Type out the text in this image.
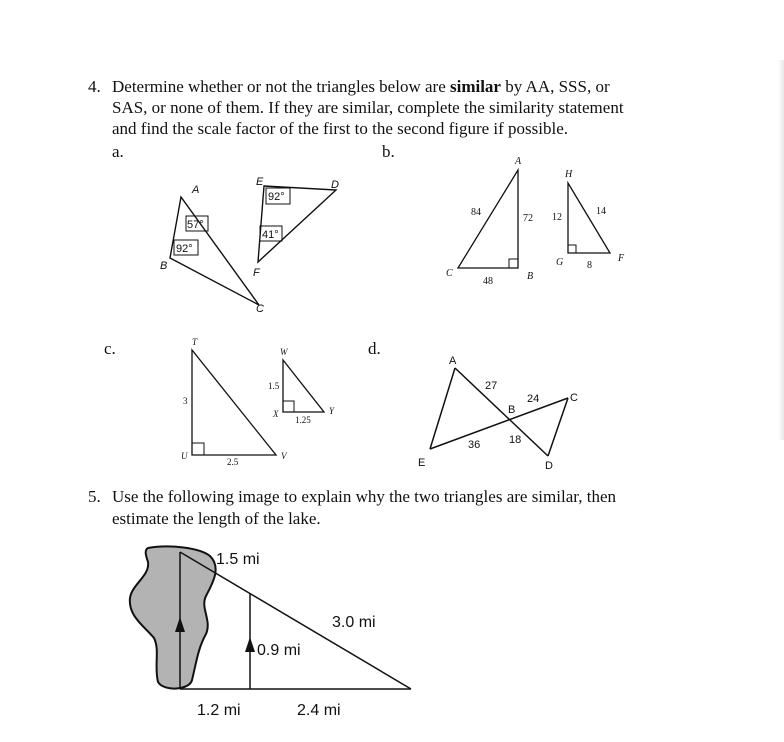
4. Determine whether or not the triangles below are similar by AA, SSS, or
SAS, or none of them. If they are similar, complete the similarity statement
and find the scale factor of the first to the second figure if possible.
a.	b.
c.	d.
A
B
E	D
F
C
57°
92°
92°
41°
A
C	B
H
G	F
84
72
48
12
14
8
T
U	V
W
X	Y
3
2.5
1.5
1.25
A
B
C
D
E
27
24
36	18
5. Use the following image to explain why the two triangles are similar, then
estimate the length of the lake.
1.5 mi
3.0 mi
0.9 mi
1.2 mi	2.4 mi
